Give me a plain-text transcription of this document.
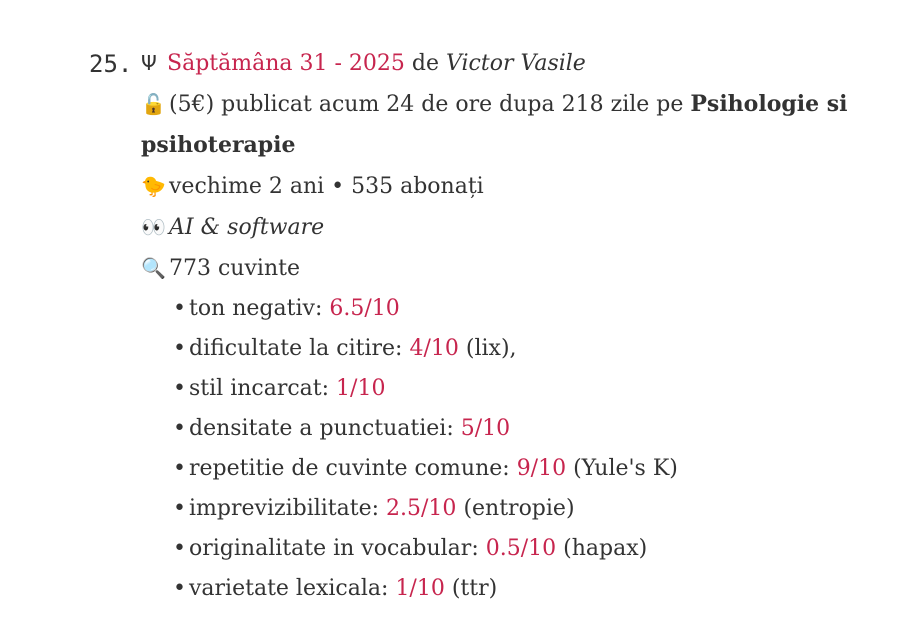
25. Ψ Săptămâna 31 - 2025 de Victor Vasile
🔓 (5€) publicat acum 24 de ore dupa 218 zile pe Psihologie si psihoterapie
🐤 vechime 2 ani • 535 abonați
👀 AI & software
🔍 773 cuvinte
• ton negativ: 6.5/10
• dificultate la citire: 4/10 (lix),
• stil incarcat: 1/10
• densitate a punctuatiei: 5/10
• repetitie de cuvinte comune: 9/10 (Yule's K)
• imprevizibilitate: 2.5/10 (entropie)
• originalitate in vocabular: 0.5/10 (hapax)
• varietate lexicala: 1/10 (ttr)
